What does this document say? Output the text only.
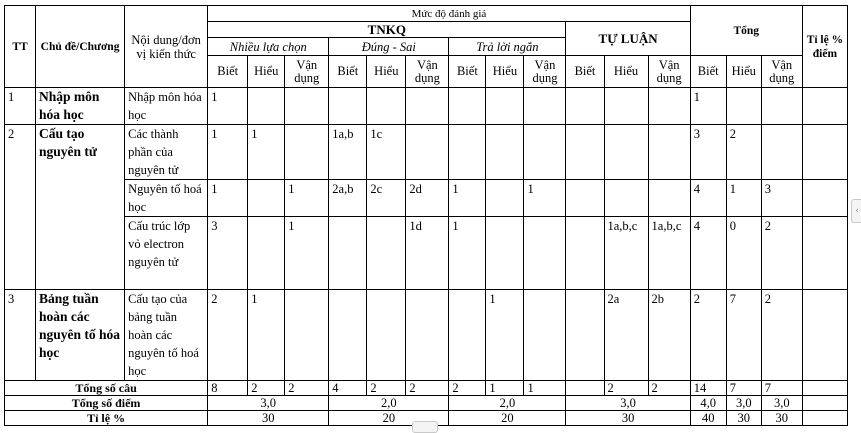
TT	Chủ đề/Chương	Nội dung/đơn vị kiến thức	Mức độ đánh giá												Tổng			Tỉ lệ % điểm
			TNKQ									TỰ LUẬN						
			Nhiều lựa chọn			Đúng - Sai			Trả lời ngắn									
			Biết	Hiểu	Vận dụng	Biết	Hiểu	Vận dụng	Biết	Hiểu	Vận dụng	Biết	Hiểu	Vận dụng	Biết	Hiểu	Vận dụng	
1	Nhập môn hóa học	Nhập môn hóa học	1												1			
2	Cấu tạo nguyên tử	Các thành phần của nguyên tử	1	1		1a,b	1c								3	2		
		Nguyên tố hoá học	1		1	2a,b	2c	2d	1		1				4	1	3	
		Cấu trúc lớp vỏ electron nguyên tử	3		1			1d	1				1a,b,c	1a,b,c	4	0	2	
3	Bảng tuần hoàn các nguyên tố hóa học	Cấu tạo của bảng tuần hoàn các nguyên tố hoá học	2	1						1			2a	2b	2	7	2	
Tổng số câu			8	2	2	4	2	2	2	1	1		2	2	14	7	7	
Tổng số điểm			3,0			2,0			2,0			3,0			4,0	3,0	3,0	
Tỉ lệ %			30			20			20			30			40	30	30	
‹
